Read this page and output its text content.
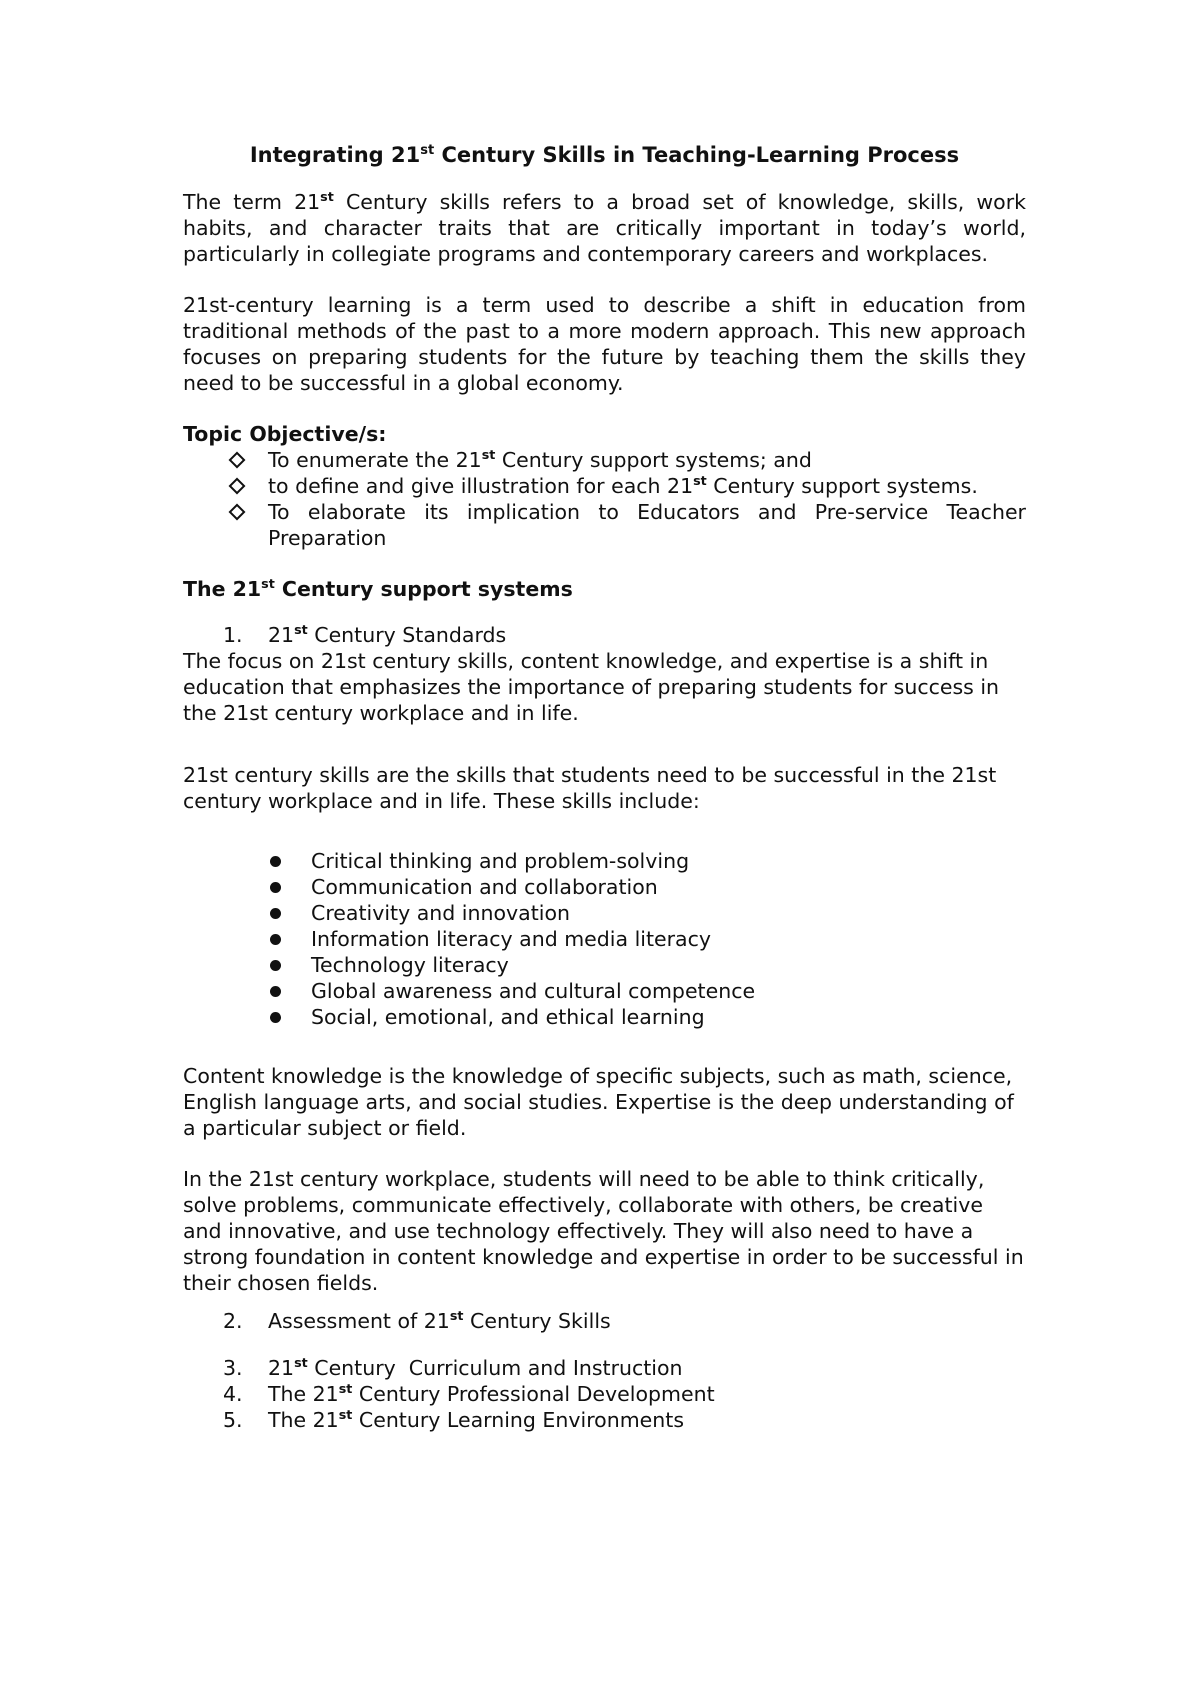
Integrating 21st Century Skills in Teaching-Learning Process

The term 21st Century skills refers to a broad set of knowledge, skills, work habits, and character traits that are critically important in today’s world, particularly in collegiate programs and contemporary careers and workplaces.

21st-century learning is a term used to describe a shift in education from traditional methods of the past to a more modern approach. This new approach focuses on preparing students for the future by teaching them the skills they need to be successful in a global economy.

Topic Objective/s:

To enumerate the 21st Century support systems; and
to define and give illustration for each 21st Century support systems.
To elaborate its implication to Educators and Pre-service Teacher Preparation

The 21st Century support systems

1.	21st Century Standards

The focus on 21st century skills, content knowledge, and expertise is a shift in education that emphasizes the importance of preparing students for success in the 21st century workplace and in life.

21st century skills are the skills that students need to be successful in the 21st century workplace and in life. These skills include:

Critical thinking and problem-solving
Communication and collaboration
Creativity and innovation
Information literacy and media literacy
Technology literacy
Global awareness and cultural competence
Social, emotional, and ethical learning

Content knowledge is the knowledge of specific subjects, such as math, science, English language arts, and social studies. Expertise is the deep understanding of a particular subject or field.

In the 21st century workplace, students will need to be able to think critically, solve problems, communicate effectively, collaborate with others, be creative and innovative, and use technology effectively. They will also need to have a strong foundation in content knowledge and expertise in order to be successful in their chosen fields.

2.	Assessment of 21st Century Skills
3.	21st Century  Curriculum and Instruction
4.	The 21st Century Professional Development
5.	The 21st Century Learning Environments
